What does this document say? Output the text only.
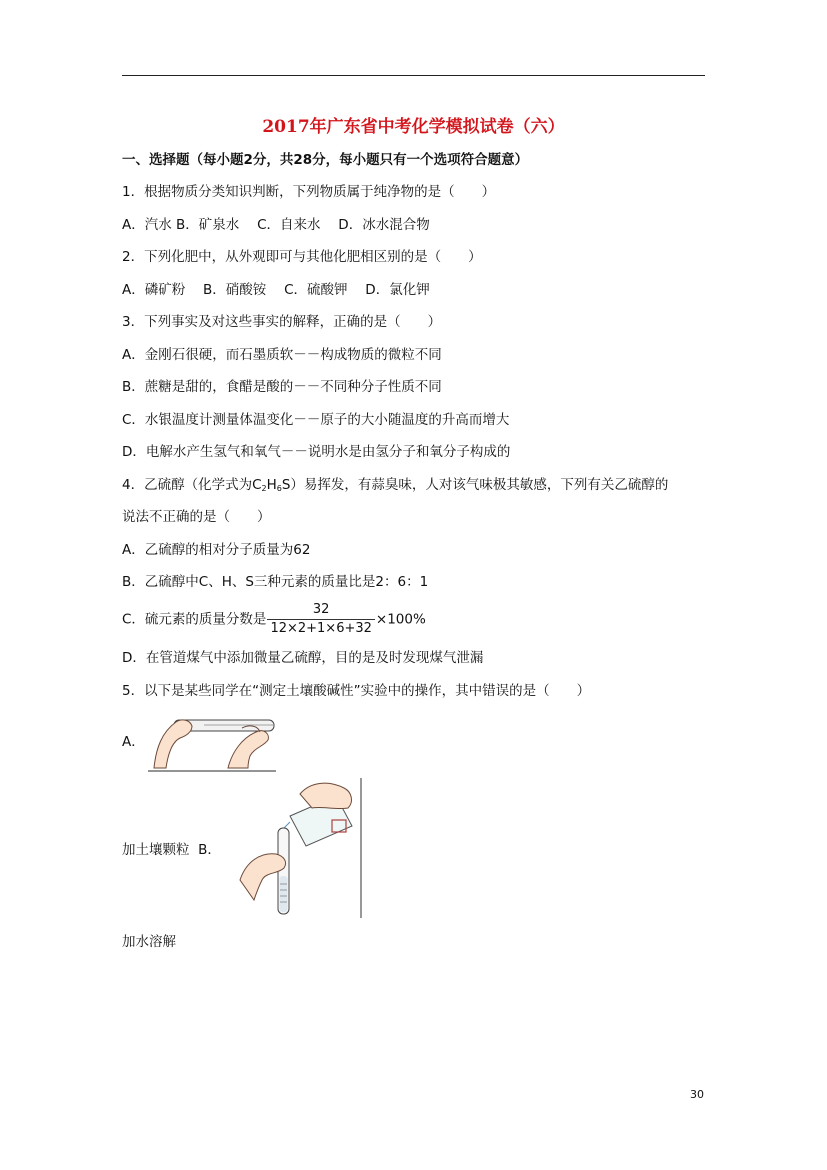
2017年广东省中考化学模拟试卷（六）
一、选择题（每小题2分，共28分，每小题只有一个选项符合题意）
1．根据物质分类知识判断，下列物质属于纯净物的是（　　）
A．汽水 B．矿泉水　 C．自来水　 D．冰水混合物
2．下列化肥中，从外观即可与其他化肥相区别的是（　　）
A．磷矿粉　 B．硝酸铵　 C．硫酸钾　 D．氯化钾
3．下列事实及对这些事实的解释，正确的是（　　）
A．金刚石很硬，而石墨质软－－构成物质的微粒不同
B．蔗糖是甜的，食醋是酸的－－不同种分子性质不同
C．水银温度计测量体温变化－－原子的大小随温度的升高而增大
D．电解水产生氢气和氧气－－说明水是由氢分子和氧分子构成的
4．乙硫醇（化学式为$C_2H_6S$）易挥发，有蒜臭味，人对该气味极其敏感，下列有关乙硫醇的
说法不正确的是（　　）
A．乙硫醇的相对分子质量为62
B．乙硫醇中C、H、S三种元素的质量比是2：6：1
C．硫元素的质量分数是 $\frac{32}{12\times 2+1\times 6+32} \times 100\%$
D．在管道煤气中添加微量乙硫醇，目的是及时发现煤气泄漏
5．以下是某些同学在“测定土壤酸碱性”实验中的操作，其中错误的是（　　）
A．
加土壤颗粒 B．
加水溶解
30
